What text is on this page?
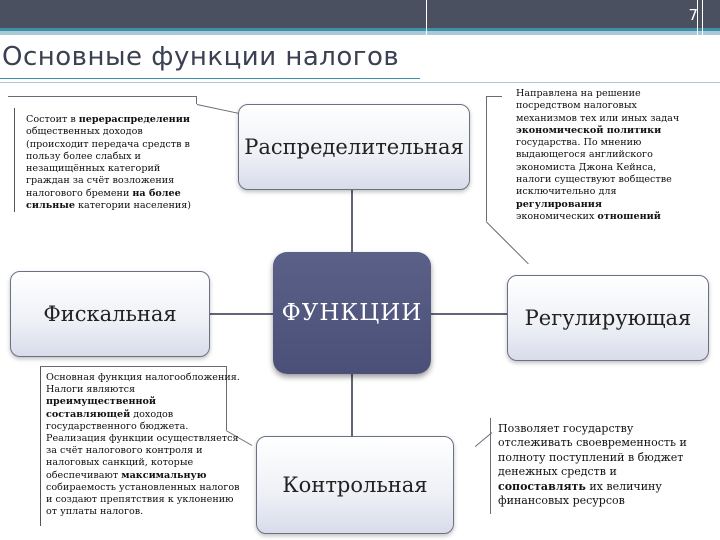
7
Основные функции налогов
Распределительная
Фискальная	Регулирующая
Контрольная
ФУНКЦИИ
Состоит в перераспределении общественных доходов (происходит передача средств в пользу более слабых и незащищённых категорий граждан за счёт возложения налогового бремени на более сильные категории населения)
Основная функция налогообложения. Налоги являются преимущественной составляющей доходов государственного бюджета. Реализация функции осуществляется за счёт налогового контроля и налоговых санкций, которые обеспечивают максимальную собираемость установленных налогов и создают препятствия к уклонению от уплаты налогов.
Направлена на решение посредством налоговых механизмов тех или иных задач экономической политики государства. По мнению выдающегося английского экономиста Джона Кейнса, налоги существуют вобществе исключительно для регулирования экономических отношений
Позволяет государству отслеживать своевременность и полноту поступлений в бюджет денежных средств и сопоставлять их величину финансовых ресурсов
